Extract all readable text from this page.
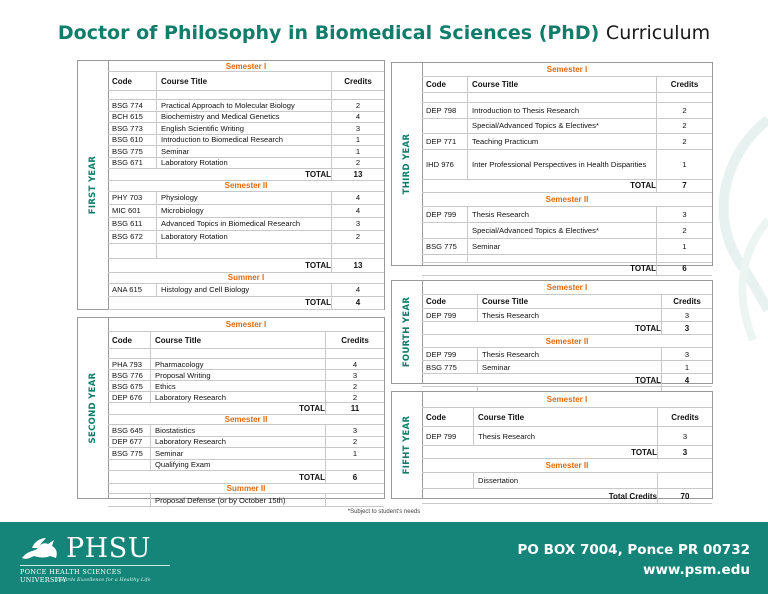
Doctor of Philosophy in Biomedical Sciences (PhD) Curriculum
FIRST YEAR
Semester I
Code	Course Title	Credits
BSG 774	Practical Approach to Molecular Biology	2
BCH 615	Biochemistry and Medical Genetics	4
BSG 773	English Scientific Writing	3
BSG 610	Introduction to Biomedical Research	1
BSG 775	Seminar	1
BSG 671	Laboratory Rotation	2
TOTAL	13
Semester II
PHY 703	Physiology	4
MIC 601	Microbiology	4
BSG 611	Advanced Topics in Biomedical Research	3
BSG 672	Laboratory Rotation	2
TOTAL	13
Summer I
ANA 615	Histology and Cell Biology	4
TOTAL	4
SECOND YEAR
Semester I
Code	Course Title	Credits
PHA 793	Pharmacology	4
BSG 776	Proposal Writing	3
BSG 675	Ethics	2
DEP 676	Laboratory Research	2
TOTAL	11
Semester II
BSG 645	Biostatistics	3
DEP 677	Laboratory Research	2
BSG 775	Seminar	1
Qualifying Exam
TOTAL	6
Summer II
Proposal Defense (or by October 15th)
THIRD YEAR
Semester I
Code	Course Title	Credits
DEP 798	Introduction to Thesis Research	2
Special/Advanced Topics & Electives*	2
DEP 771	Teaching Practicum	2
IHD 976	Inter Professional Perspectives in Health Disparities	1
TOTAL	7
Semester II
DEP 799	Thesis Research	3
Special/Advanced Topics & Electives*	2
BSG 775	Seminar	1
TOTAL	6
FOURTH YEAR
Semester I
Code	Course Title	Credits
DEP 799	Thesis Research	3
TOTAL	3
Semester II
DEP 799	Thesis Research	3
BSG 775	Seminar	1
TOTAL	4
FIFHT YEAR
Semester I
Code	Course Title	Credits
DEP 799	Thesis Research	3
TOTAL	3
Semester II
Dissertation
Total Credits	70
*Subject to student's needs
PHSU
PONCE HEALTH SCIENCES UNIVERSITY
Towards Excellence for a Healthy Life
PO BOX 7004, Ponce PR 00732
www.psm.edu
